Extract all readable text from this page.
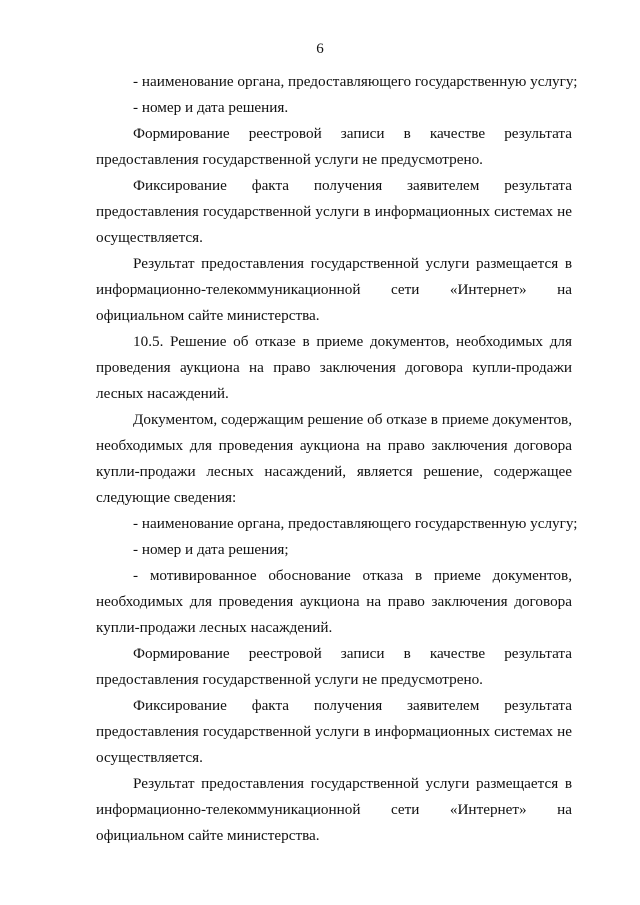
6
- наименование органа, предоставляющего государственную услугу;
- номер и дата решения.
Формирование реестровой записи в качестве результата
предоставления государственной услуги не предусмотрено.
Фиксирование факта получения заявителем результата
предоставления государственной услуги в информационных системах не
осуществляется.
Результат предоставления государственной услуги размещается в
информационно-телекоммуникационной сети «Интернет» на
официальном сайте министерства.
10.5. Решение об отказе в приеме документов, необходимых для
проведения аукциона на право заключения договора купли-продажи
лесных насаждений.
Документом, содержащим решение об отказе в приеме документов,
необходимых для проведения аукциона на право заключения договора
купли-продажи лесных насаждений, является решение, содержащее
следующие сведения:
- наименование органа, предоставляющего государственную услугу;
- номер и дата решения;
- мотивированное обоснование отказа в приеме документов,
необходимых для проведения аукциона на право заключения договора
купли-продажи лесных насаждений.
Формирование реестровой записи в качестве результата
предоставления государственной услуги не предусмотрено.
Фиксирование факта получения заявителем результата
предоставления государственной услуги в информационных системах не
осуществляется.
Результат предоставления государственной услуги размещается в
информационно-телекоммуникационной сети «Интернет» на
официальном сайте министерства.
